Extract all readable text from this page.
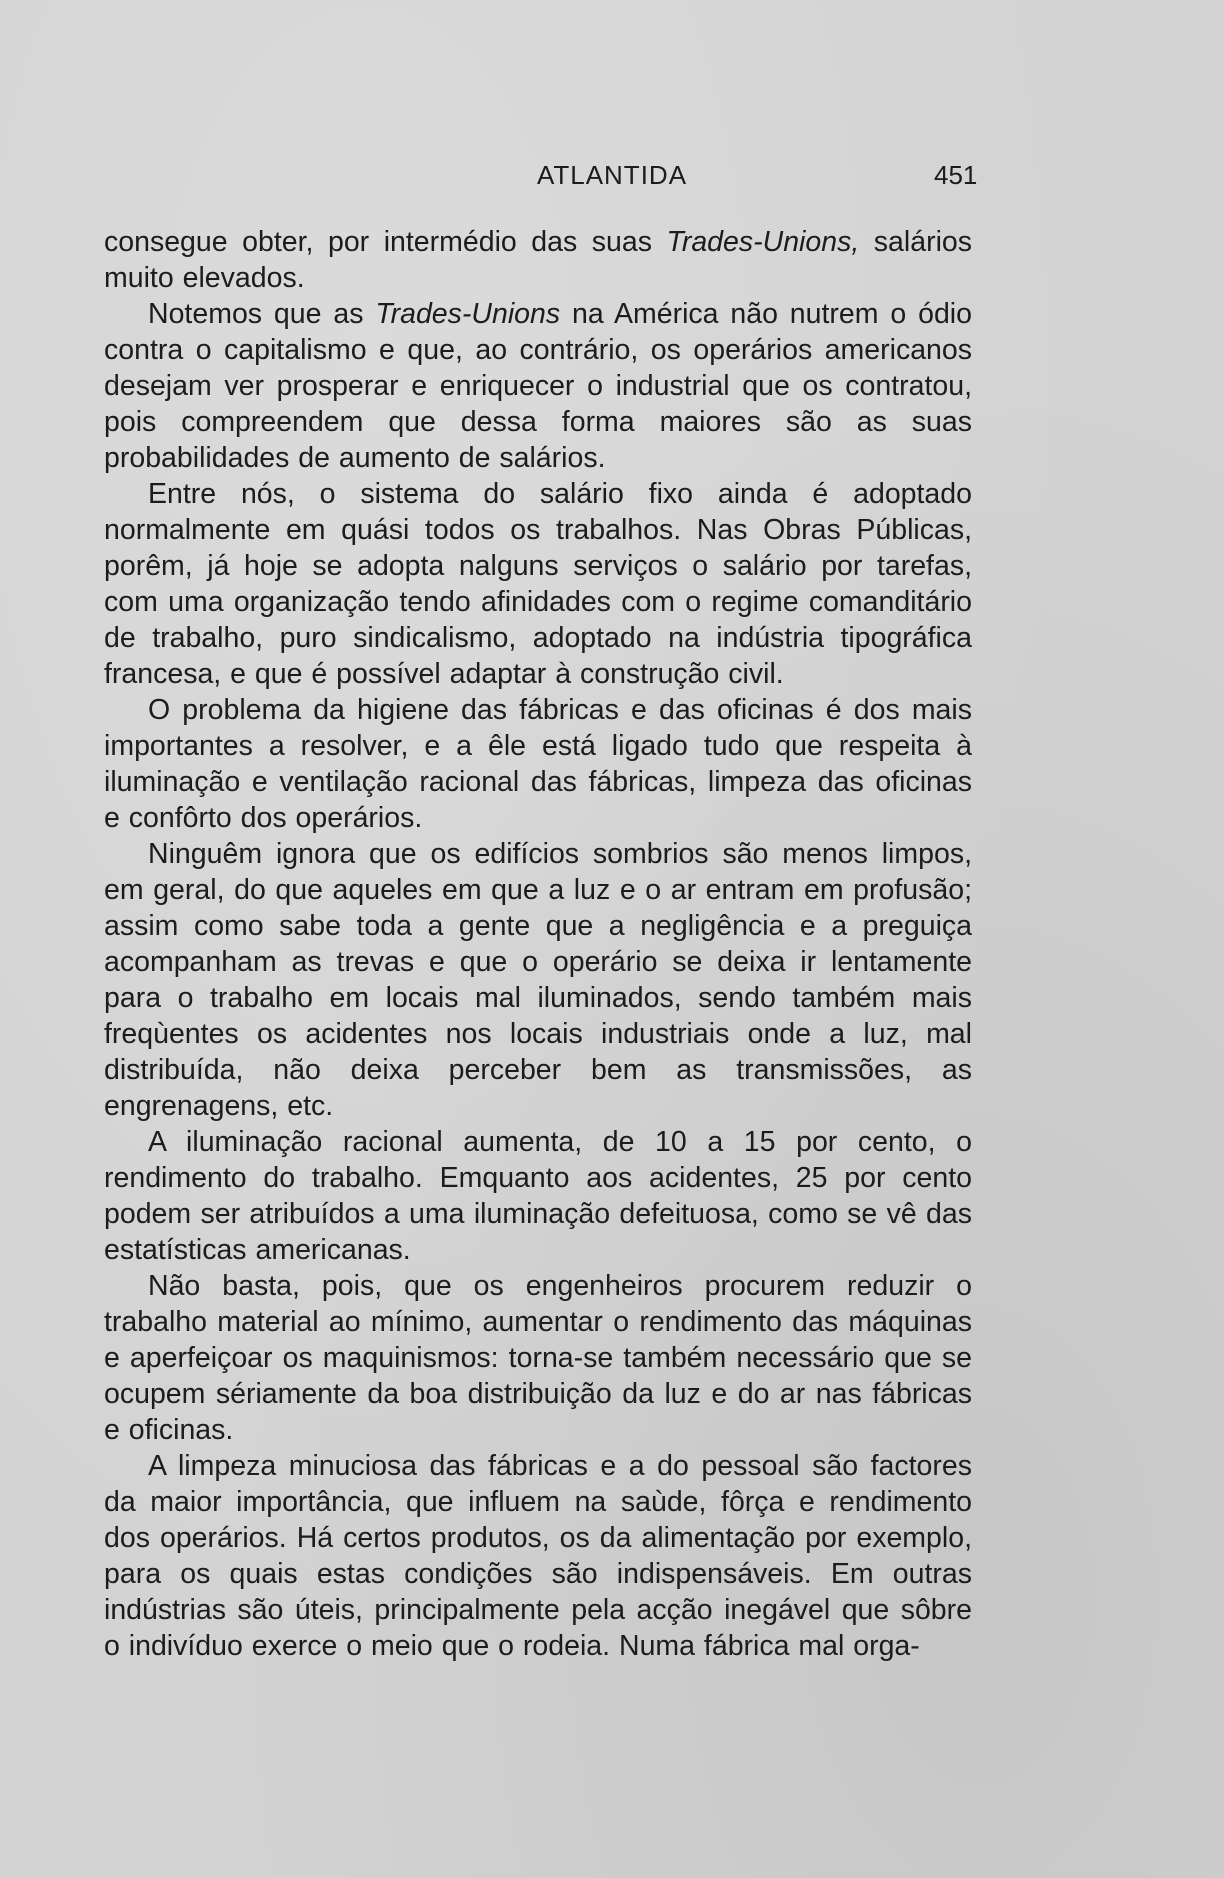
ATLANTIDA	451

consegue obter, por intermédio das suas Trades-Unions, salários muito elevados.

Notemos que as Trades-Unions na América não nutrem o ódio contra o capitalismo e que, ao contrário, os operários americanos desejam ver prosperar e enriquecer o industrial que os contratou, pois compreendem que dessa forma maiores são as suas probabilidades de aumento de salários.

Entre nós, o sistema do salário fixo ainda é adoptado normalmente em quási todos os trabalhos. Nas Obras Públicas, porêm, já hoje se adopta nalguns serviços o salário por tarefas, com uma organização tendo afinidades com o regime comanditário de trabalho, puro sindicalismo, adoptado na indústria tipográfica francesa, e que é possível adaptar à construção civil.

O problema da higiene das fábricas e das oficinas é dos mais importantes a resolver, e a êle está ligado tudo que respeita à iluminação e ventilação racional das fábricas, limpeza das oficinas e confôrto dos operários.

Ninguêm ignora que os edifícios sombrios são menos limpos, em geral, do que aqueles em que a luz e o ar entram em profusão; assim como sabe toda a gente que a negligência e a preguiça acompanham as trevas e que o operário se deixa ir lentamente para o trabalho em locais mal iluminados, sendo também mais freqùentes os acidentes nos locais industriais onde a luz, mal distribuída, não deixa perceber bem as transmissões, as engrenagens, etc.

A iluminação racional aumenta, de 10 a 15 por cento, o rendimento do trabalho. Emquanto aos acidentes, 25 por cento podem ser atribuídos a uma iluminação defeituosa, como se vê das estatísticas americanas.

Não basta, pois, que os engenheiros procurem reduzir o trabalho material ao mínimo, aumentar o rendimento das máquinas e aperfeiçoar os maquinismos: torna-se também necessário que se ocupem sériamente da boa distribuição da luz e do ar nas fábricas e oficinas.

A limpeza minuciosa das fábricas e a do pessoal são factores da maior importância, que influem na saùde, fôrça e rendimento dos operários. Há certos produtos, os da alimentação por exemplo, para os quais estas condições são indispensáveis. Em outras indústrias são úteis, principalmente pela acção inegável que sôbre o indivíduo exerce o meio que o rodeia. Numa fábrica mal orga-
